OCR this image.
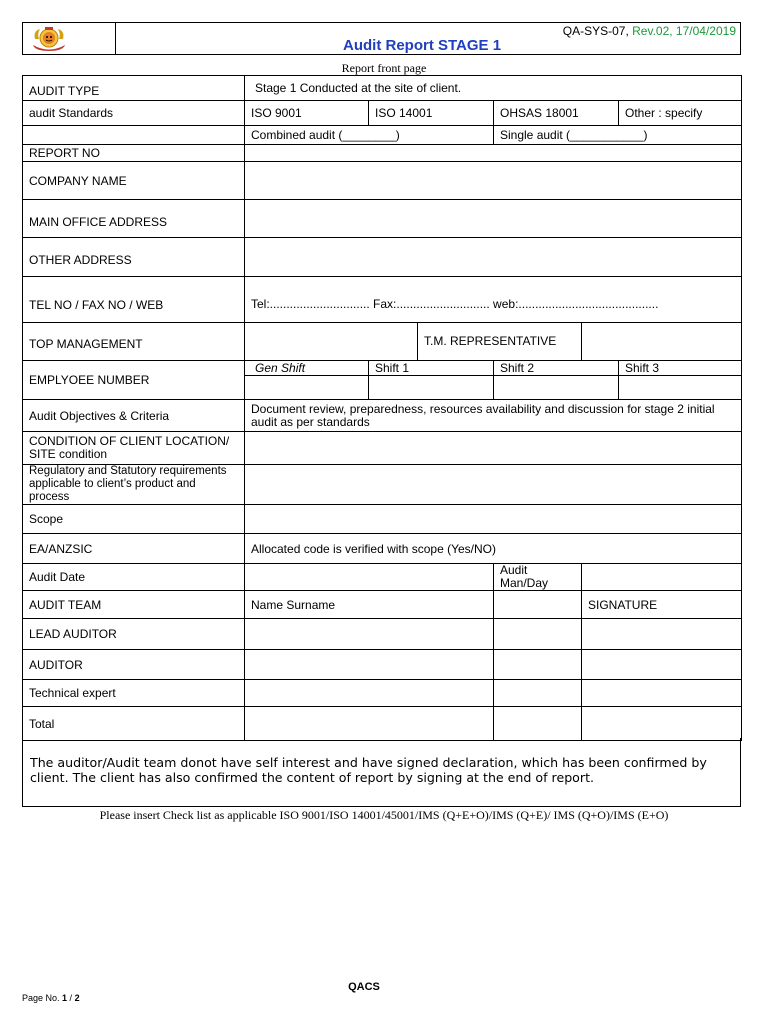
QA-SYS-07, Rev.02, 17/04/2019
Audit Report STAGE 1
Report front page
AUDIT TYPE	Stage 1 Conducted at the site of client.					
audit Standards	ISO 9001	ISO 14001		OHSAS 18001		Other : specify
	Combined audit (________)			Single audit (___________)		
REPORT NO						
COMPANY NAME						
MAIN OFFICE ADDRESS						
OTHER ADDRESS						
TEL NO / FAX NO / WEB	Tel:.............................. Fax:............................ web:..........................................					
TOP MANAGEMENT			T.M. REPRESENTATIVE			
EMPLYOEE NUMBER	Gen Shift	Shift 1		Shift 2		Shift 3

Audit Objectives & Criteria	Document review, preparedness, resources availability and discussion for stage 2 initial audit as per standards					
CONDITION OF CLIENT LOCATION/ SITE condition						
Regulatory and Statutory requirements applicable to client’s product and process						
Scope						
EA/ANZSIC	Allocated code is verified with scope (Yes/NO)					
Audit Date				Audit Man/Day		
AUDIT TEAM	Name Surname				SIGNATURE	
LEAD AUDITOR						
AUDITOR						
Technical expert						
Total						
The auditor/Audit team donot have self interest and have signed declaration, which has been confirmed by client. The client has also confirmed the content of report by signing at the end of report.
Please insert Check list as applicable ISO 9001/ISO 14001/45001/IMS (Q+E+O)/IMS (Q+E)/ IMS (Q+O)/IMS (E+O)
QACS
Page No. 1 / 2
